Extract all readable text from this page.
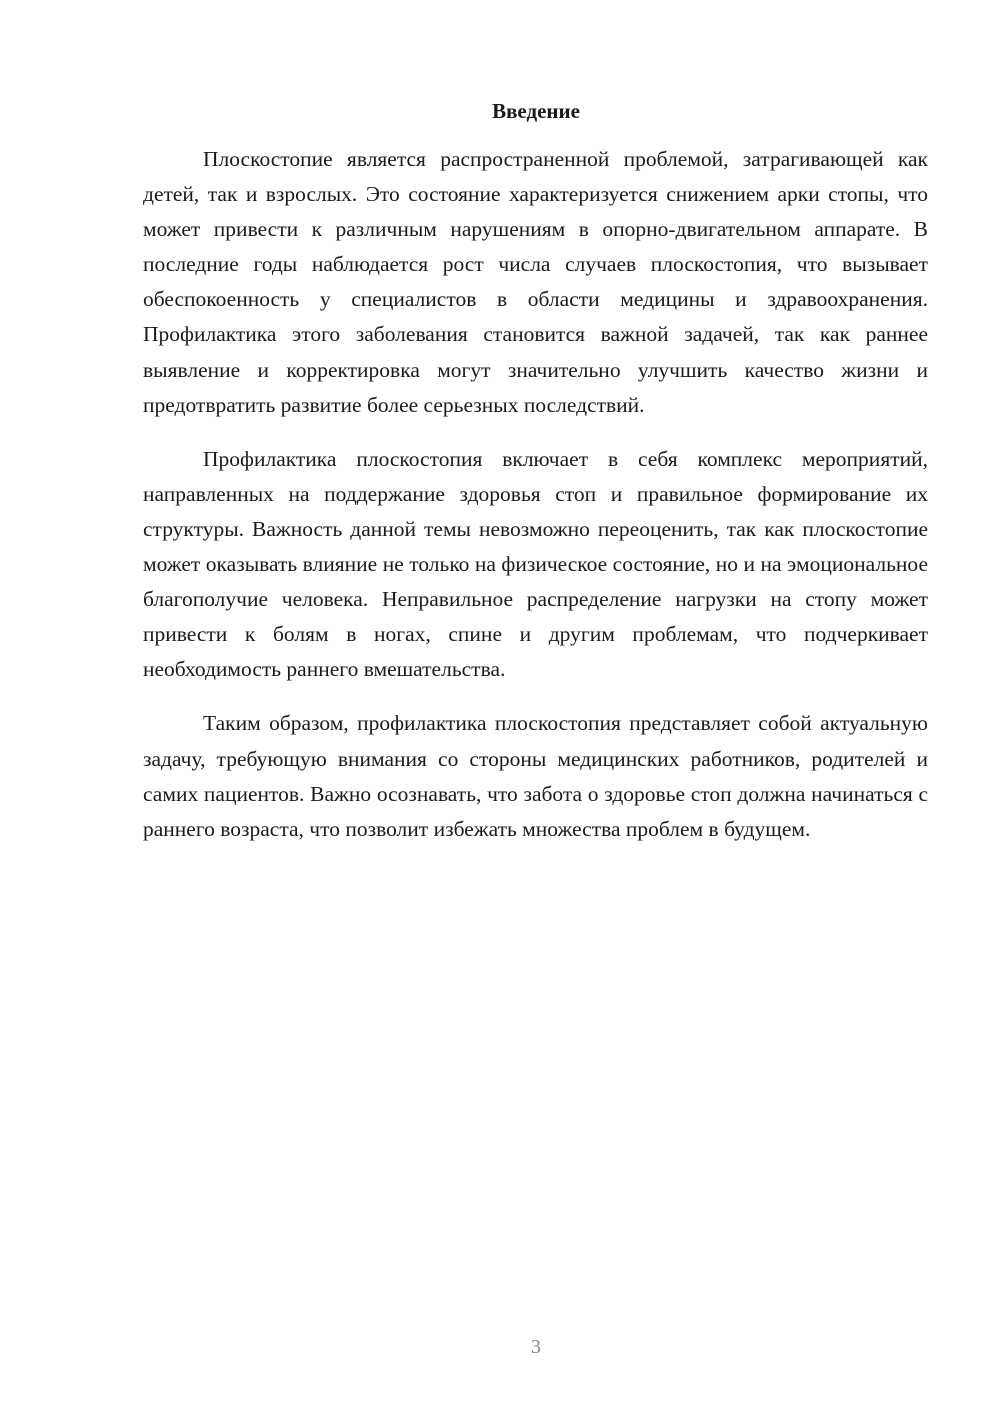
Введение

Плоскостопие является распространенной проблемой, затрагивающей как детей, так и взрослых. Это состояние характеризуется снижением арки стопы, что может привести к различным нарушениям в опорно-двигательном аппарате. В последние годы наблюдается рост числа случаев плоскостопия, что вызывает обеспокоенность у специалистов в области медицины и здравоохранения. Профилактика этого заболевания становится важной задачей, так как раннее выявление и корректировка могут значительно улучшить качество жизни и предотвратить развитие более серьезных последствий.

Профилактика плоскостопия включает в себя комплекс мероприятий, направленных на поддержание здоровья стоп и правильное формирование их структуры. Важность данной темы невозможно переоценить, так как плоскостопие может оказывать влияние не только на физическое состояние, но и на эмоциональное благополучие человека. Неправильное распределение нагрузки на стопу может привести к болям в ногах, спине и другим проблемам, что подчеркивает необходимость раннего вмешательства.

Таким образом, профилактика плоскостопия представляет собой актуальную задачу, требующую внимания со стороны медицинских работников, родителей и самих пациентов. Важно осознавать, что забота о здоровье стоп должна начинаться с раннего возраста, что позволит избежать множества проблем в будущем.

3
